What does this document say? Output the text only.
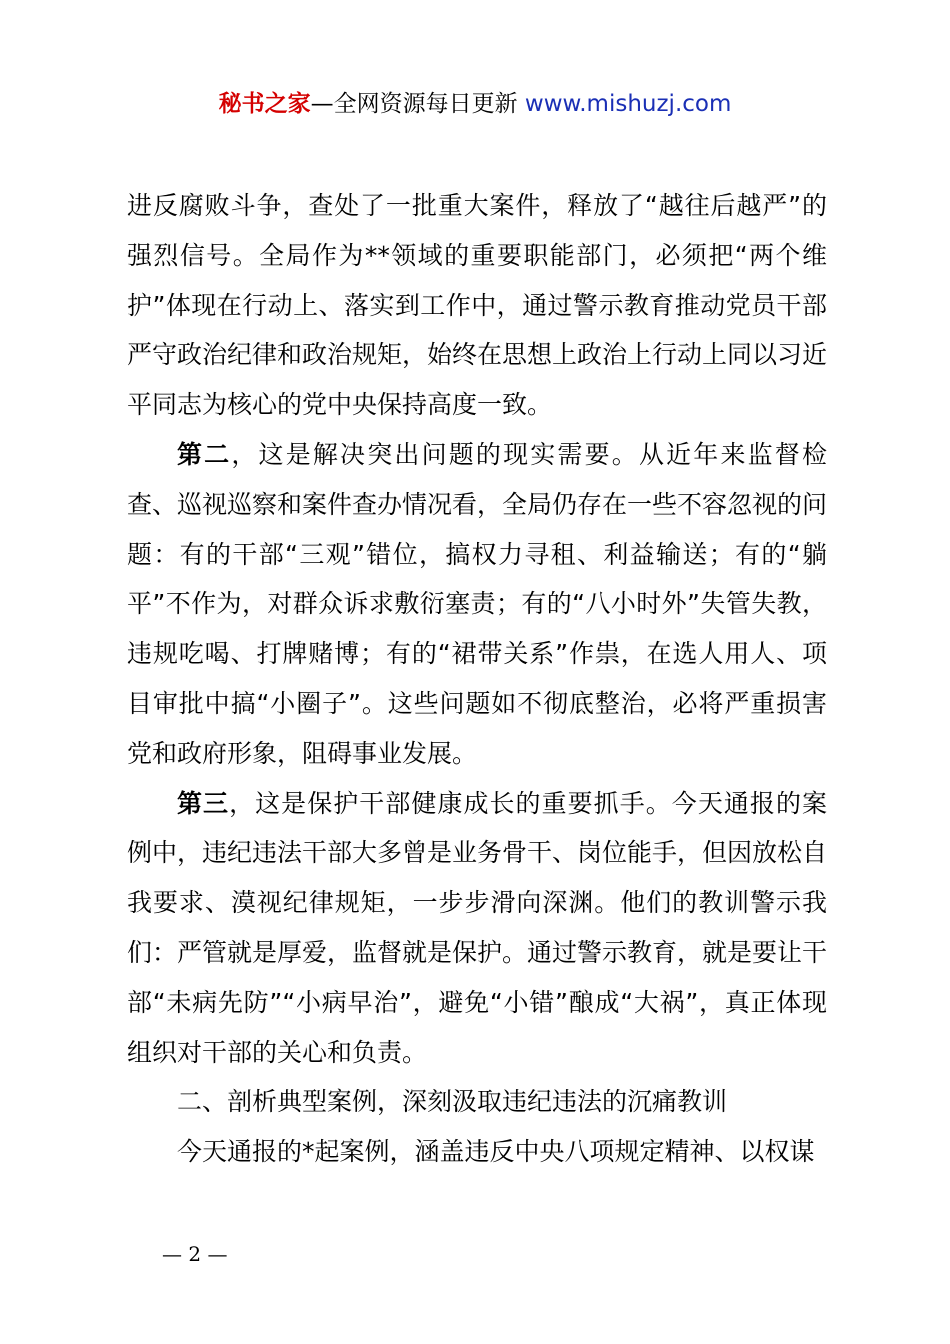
秘书之家—全网资源每日更新 www.mishuzj.com

进反腐败斗争，查处了一批重大案件，释放了“越往后越严”的强烈信号。全局作为**领域的重要职能部门，必须把“两个维护”体现在行动上、落实到工作中，通过警示教育推动党员干部严守政治纪律和政治规矩，始终在思想上政治上行动上同以习近平同志为核心的党中央保持高度一致。

第二，这是解决突出问题的现实需要。从近年来监督检查、巡视巡察和案件查办情况看，全局仍存在一些不容忽视的问题：有的干部“三观”错位，搞权力寻租、利益输送；有的“躺平”不作为，对群众诉求敷衍塞责；有的“八小时外”失管失教，违规吃喝、打牌赌博；有的“裙带关系”作祟，在选人用人、项目审批中搞“小圈子”。这些问题如不彻底整治，必将严重损害党和政府形象，阻碍事业发展。

第三，这是保护干部健康成长的重要抓手。今天通报的案例中，违纪违法干部大多曾是业务骨干、岗位能手，但因放松自我要求、漠视纪律规矩，一步步滑向深渊。他们的教训警示我们：严管就是厚爱，监督就是保护。通过警示教育，就是要让干部“未病先防”“小病早治”，避免“小错”酿成“大祸”，真正体现组织对干部的关心和负责。

二、剖析典型案例，深刻汲取违纪违法的沉痛教训

今天通报的*起案例，涵盖违反中央八项规定精神、以权谋

— 2 —
